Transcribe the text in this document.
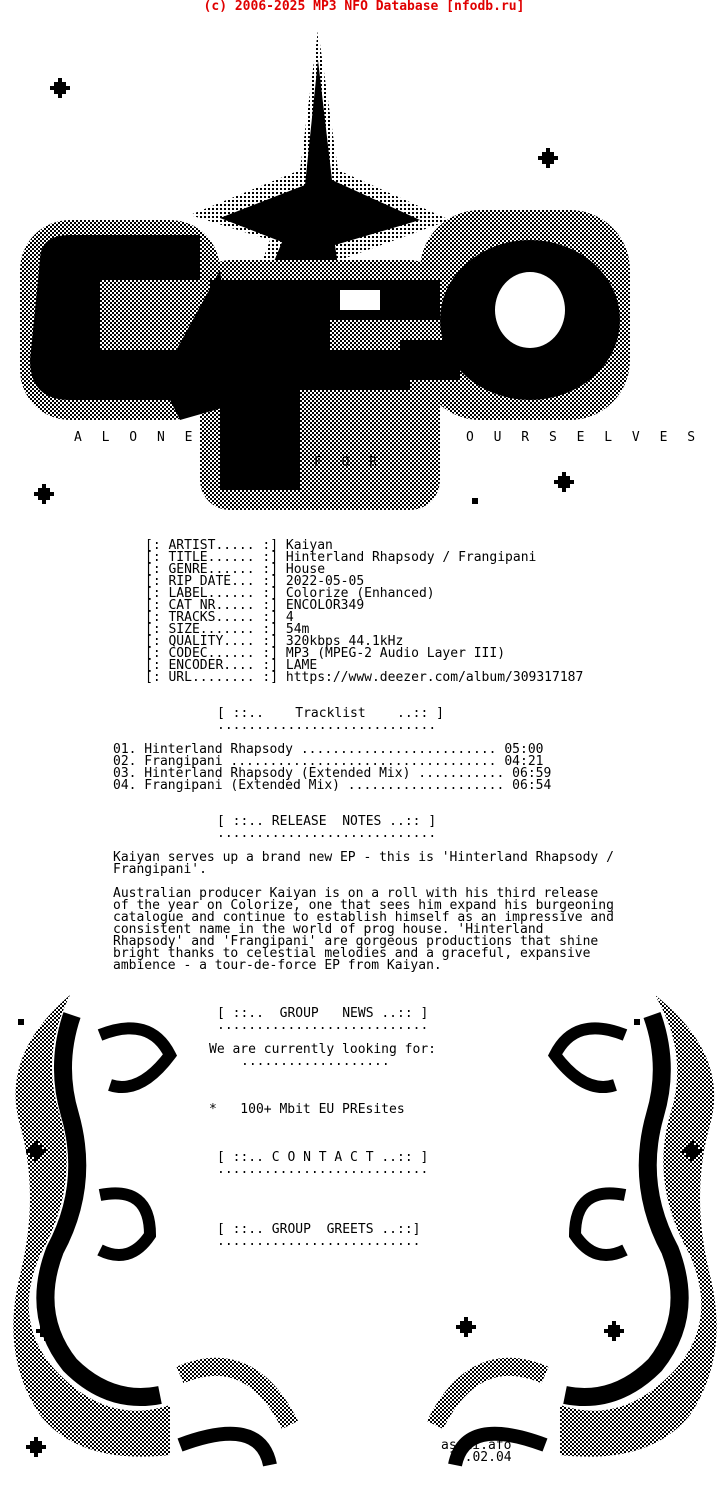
(c) 2006-2025 MP3 NFO Database [nfodb.ru]
A L O N E
F O R
O U R S E L V E S
[: ARTIST..... :] Kaiyan
[: TITLE...... :] Hinterland Rhapsody / Frangipani
[: GENRE...... :] House
[: RIP DATE... :] 2022-05-05
[: LABEL...... :] Colorize (Enhanced)
[: CAT NR..... :] ENCOLOR349
[: TRACKS..... :] 4
[: SIZE....... :] 54m
[: QUALITY.... :] 320kbps 44.1kHz
[: CODEC...... :] MP3 (MPEG-2 Audio Layer III)
[: ENCODER.... :] LAME
[: URL........ :] https://www.deezer.com/album/309317187
[ ::..    Tracklist    ..:: ]
............................
01. Hinterland Rhapsody ......................... 05:00
02. Frangipani .................................. 04:21
03. Hinterland Rhapsody (Extended Mix) ........... 06:59
04. Frangipani (Extended Mix) .................... 06:54
[ ::.. RELEASE  NOTES ..:: ]
............................
Kaiyan serves up a brand new EP - this is 'Hinterland Rhapsody /
Frangipani'.
Australian producer Kaiyan is on a roll with his third release
of the year on Colorize, one that sees him expand his burgeoning
catalogue and continue to establish himself as an impressive and
consistent name in the world of prog house. 'Hinterland
Rhapsody' and 'Frangipani' are gorgeous productions that shine
bright thanks to celestial melodies and a graceful, expansive
ambience - a tour-de-force EP from Kaiyan.
[ ::..  GROUP   NEWS ..:: ]
...........................
We are currently looking for:
...................
*   100+ Mbit EU PREsites
[ ::.. C O N T A C T ..:: ]
...........................
[ ::.. GROUP  GREETS ..::]
..........................
ascii.afo
17.02.04
